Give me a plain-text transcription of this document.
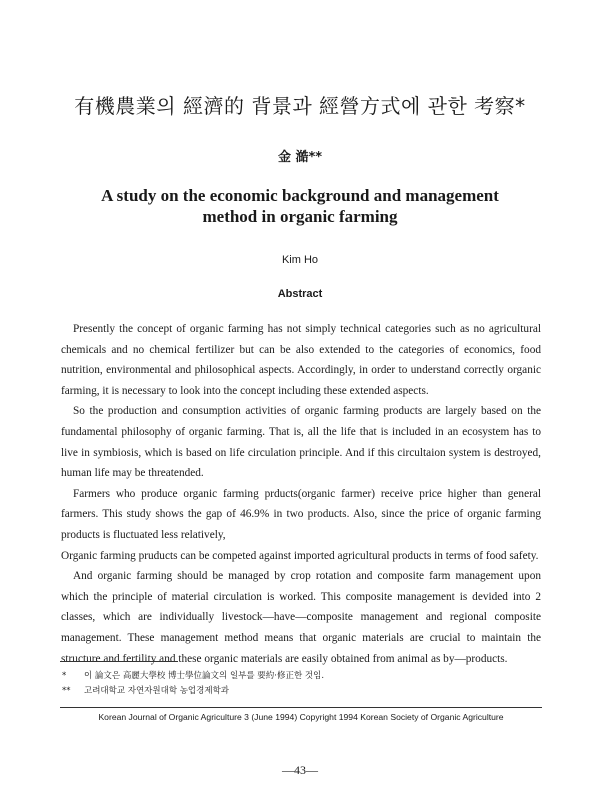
有機農業의 經濟的 背景과 經營方式에 관한 考察*
金 澔**
A study on the economic background and management
method in organic farming
Kim Ho
Abstract

Presently the concept of organic farming has not simply technical categories such as no agricultural chemicals and no chemical fertilizer but can be also extended to the categories of economics, food nutrition, environmental and philosophical aspects. Accordingly, in order to understand correctly organic farming, it is necessary to look into the concept including these extended aspects.

So the production and consumption activities of organic farming products are largely based on the fundamental philosophy of organic farming. That is, all the life that is included in an ecosystem has to live in symbiosis, which is based on life circulation principle. And if this circultaion system is destroyed, human life may be threatended.

Farmers who produce organic farming prducts(organic farmer) receive price higher than general farmers. This study shows the gap of 46.9% in two products. Also, since the price of organic farming products is fluctuated less relatively,

Organic farming pruducts can be competed against imported agricultural products in terms of food safety.

And organic farming should be managed by crop rotation and composite farm management upon which the principle of material circulation is worked. This composite management is devided into 2 classes, which are individually livestock—have—composite management and regional composite management. These management method means that organic materials are crucial to maintain the structure and fertility and these organic materials are easily obtained from animal as by—products.

* 이 論文은 高麗大學校 博士學位論文의 일부를 要約·修正한 것임.
** 고려대학교 자연자원대학 농업경제학과
Korean Journal of Organic Agriculture 3 (June 1994) Copyright 1994 Korean Society of Organic Agriculture
—43—
